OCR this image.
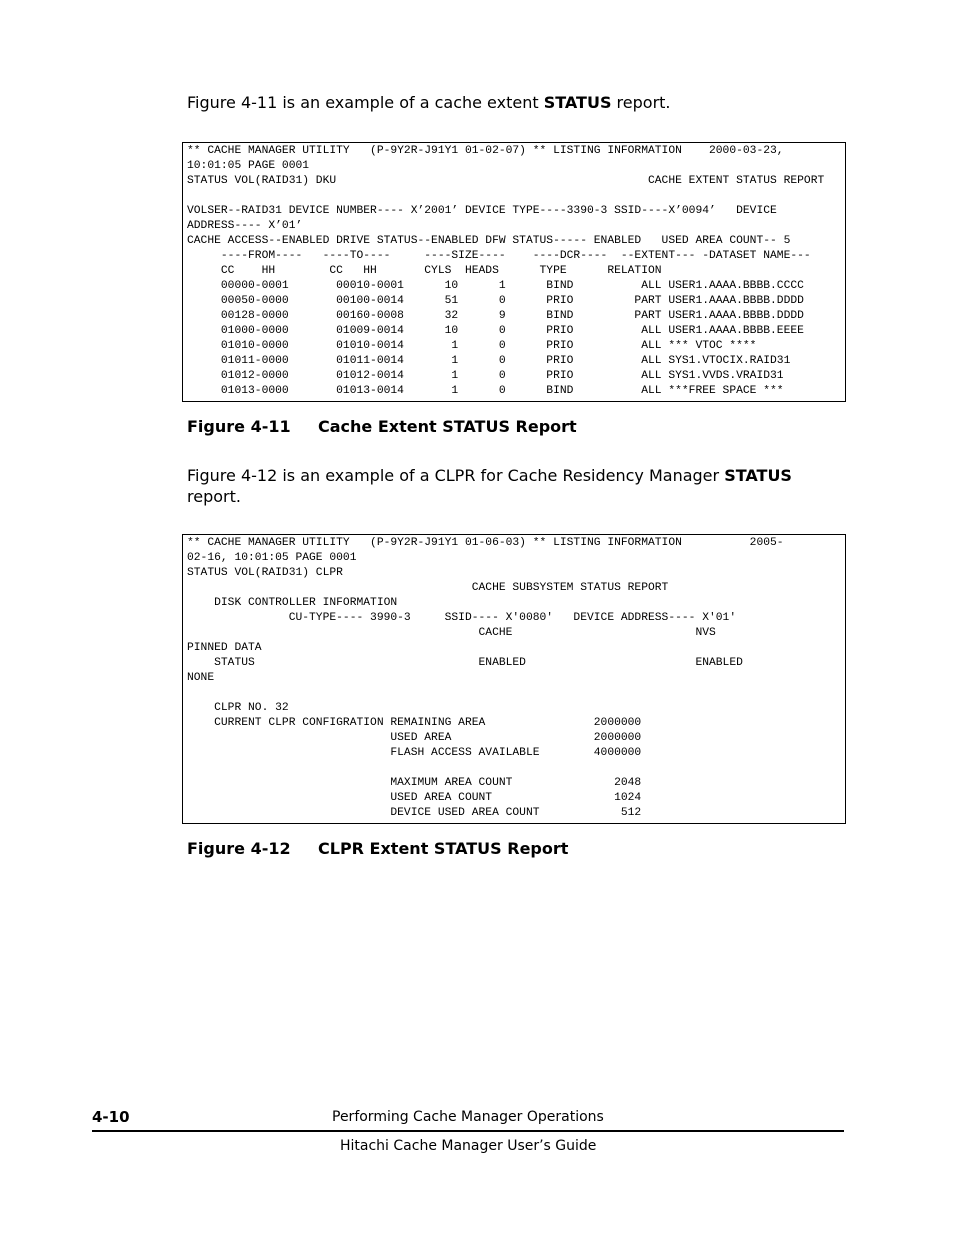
Figure 4-11 is an example of a cache extent STATUS report.
** CACHE MANAGER UTILITY   (P-9Y2R-J91Y1 01-02-07) ** LISTING INFORMATION    2000-03-23,
10:01:05 PAGE 0001
STATUS VOL(RAID31) DKU                                              CACHE EXTENT STATUS REPORT
VOLSER--RAID31 DEVICE NUMBER---- X’2001’ DEVICE TYPE----3390-3 SSID----X’0094’   DEVICE
ADDRESS---- X’01’
CACHE ACCESS--ENABLED DRIVE STATUS--ENABLED DFW STATUS----- ENABLED   USED AREA COUNT-- 5
----FROM----   ----TO----     ----SIZE----    ----DCR----  --EXTENT--- -DATASET NAME---
CC    HH        CC   HH       CYLS  HEADS      TYPE      RELATION
00000-0001       00010-0001      10      1      BIND          ALL USER1.AAAA.BBBB.CCCC
00050-0000       00100-0014      51      0      PRIO         PART USER1.AAAA.BBBB.DDDD
00128-0000       00160-0008      32      9      BIND         PART USER1.AAAA.BBBB.DDDD
01000-0000       01009-0014      10      0      PRIO          ALL USER1.AAAA.BBBB.EEEE
01010-0000       01010-0014       1      0      PRIO          ALL *** VTOC ****
01011-0000       01011-0014       1      0      PRIO          ALL SYS1.VTOCIX.RAID31
01012-0000       01012-0014       1      0      PRIO          ALL SYS1.VVDS.VRAID31
01013-0000       01013-0014       1      0      BIND          ALL ***FREE SPACE ***
Figure 4-11 Cache Extent STATUS Report
Figure 4-12 is an example of a CLPR for Cache Residency Manager STATUS report.
** CACHE MANAGER UTILITY   (P-9Y2R-J91Y1 01-06-03) ** LISTING INFORMATION          2005-
02-16, 10:01:05 PAGE 0001
STATUS VOL(RAID31) CLPR
CACHE SUBSYSTEM STATUS REPORT
DISK CONTROLLER INFORMATION
CU-TYPE---- 3990-3     SSID---- X'0080'   DEVICE ADDRESS---- X'01'
CACHE                           NVS
PINNED DATA
STATUS                                 ENABLED                         ENABLED
NONE
CLPR NO. 32
CURRENT CLPR CONFIGRATION REMAINING AREA                2000000
USED AREA                     2000000
FLASH ACCESS AVAILABLE        4000000
MAXIMUM AREA COUNT               2048
USED AREA COUNT                  1024
DEVICE USED AREA COUNT            512
Figure 4-12 CLPR Extent STATUS Report
4-10	Performing Cache Manager Operations
Hitachi Cache Manager User’s Guide
